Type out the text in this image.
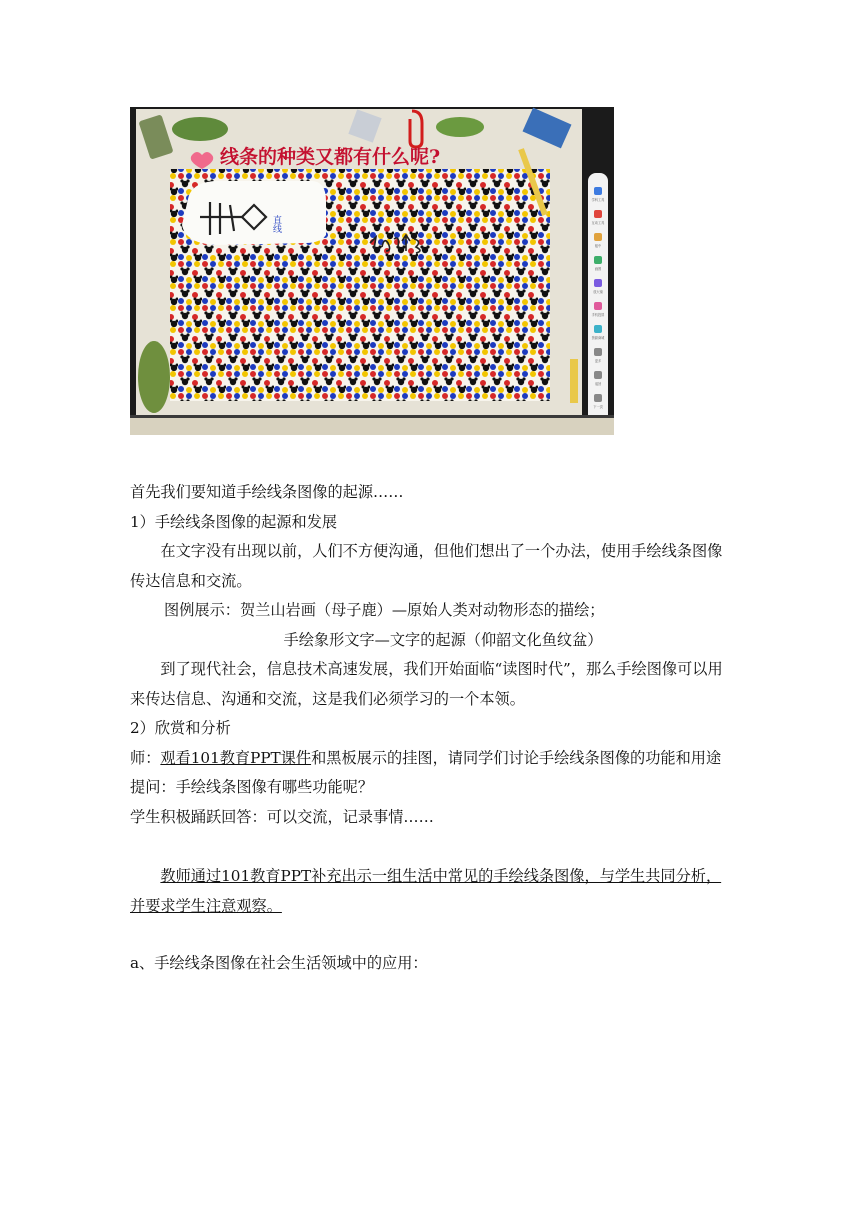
线条的种类又都有什么呢?
直线
学科工具
互动工具
板中
画图
放大镜
手机投屏
资源商城
更多
返回
下一页

首先我们要知道手绘线条图像的起源……

1）手绘线条图像的起源和发展

在文字没有出现以前，人们不方便沟通，但他们想出了一个办法，使用手绘线条图像传达信息和交流。

图例展示：贺兰山岩画（母子鹿）—原始人类对动物形态的描绘；

手绘象形文字—文字的起源（仰韶文化鱼纹盆）

到了现代社会，信息技术高速发展，我们开始面临“读图时代”，那么手绘图像可以用来传达信息、沟通和交流，这是我们必须学习的一个本领。

2）欣赏和分析

师：观看101教育PPT课件和黑板展示的挂图，请同学们讨论手绘线条图像的功能和用途

提问：手绘线条图像有哪些功能呢？

学生积极踊跃回答：可以交流，记录事情……

教师通过101教育PPT补充出示一组生活中常见的手绘线条图像，与学生共同分析，并要求学生注意观察。

a、手绘线条图像在社会生活领域中的应用：
